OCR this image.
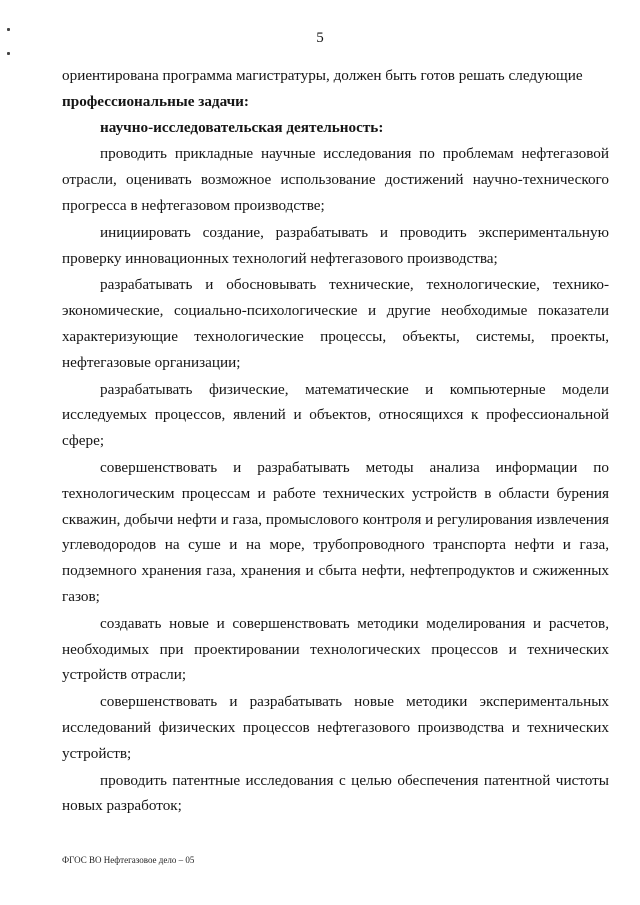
5

ориентирована программа магистратуры, должен быть готов решать следующие

профессиональные задачи:

научно-исследовательская деятельность:

проводить прикладные научные исследования по проблемам нефтегазовой отрасли, оценивать возможное использование достижений научно-технического прогресса в нефтегазовом производстве;

инициировать создание, разрабатывать и проводить экспериментальную проверку инновационных технологий нефтегазового производства;

разрабатывать и обосновывать технические, технологические, технико-экономические, социально-психологические и другие необходимые показатели характеризующие технологические процессы, объекты, системы, проекты, нефтегазовые организации;

разрабатывать физические, математические и компьютерные модели исследуемых процессов, явлений и объектов, относящихся к профессиональной сфере;

совершенствовать и разрабатывать методы анализа информации по технологическим процессам и работе технических устройств в области бурения скважин, добычи нефти и газа, промыслового контроля и регулирования извлечения углеводородов на суше и на море, трубопроводного транспорта нефти и газа, подземного хранения газа, хранения и сбыта нефти, нефтепродуктов и сжиженных газов;

создавать новые и совершенствовать методики моделирования и расчетов, необходимых при проектировании технологических процессов и технических устройств отрасли;

совершенствовать и разрабатывать новые методики экспериментальных исследований физических процессов нефтегазового производства и технических устройств;

проводить патентные исследования с целью обеспечения патентной чистоты новых разработок;

ФГОС ВО Нефтегазовое дело – 05
